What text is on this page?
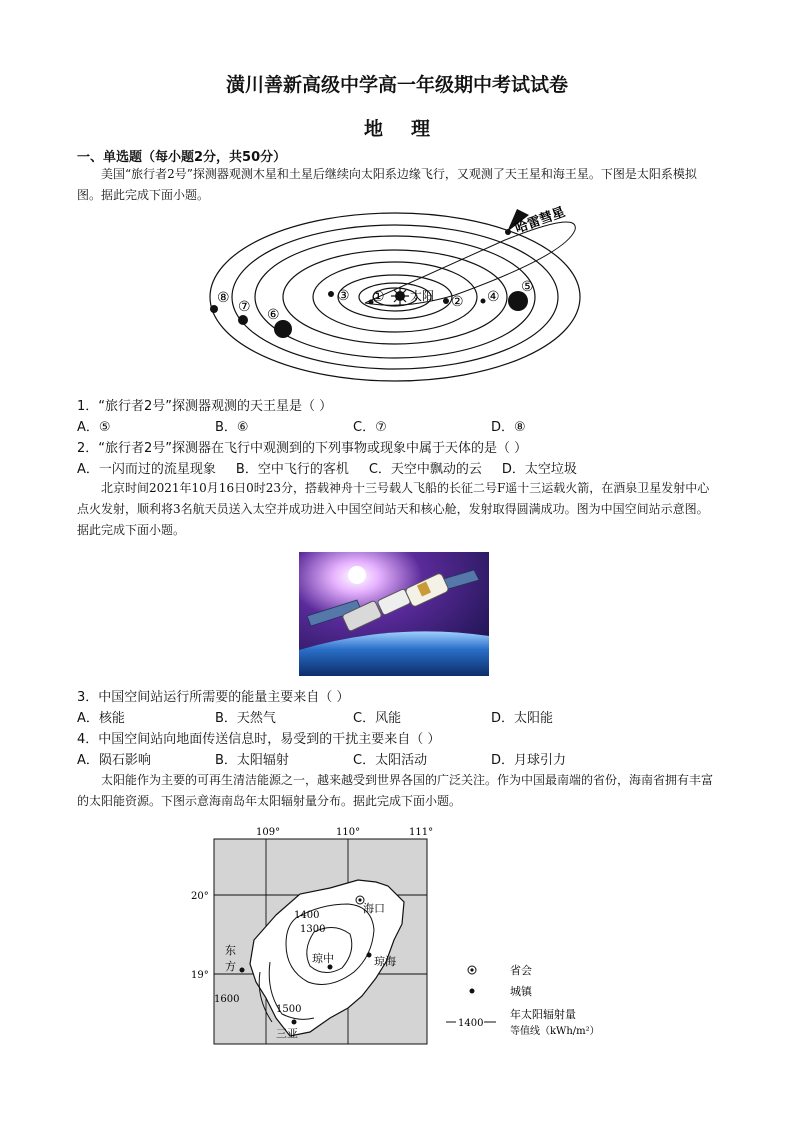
潢川善新高级中学高一年级期中考试试卷
地理
一、单选题（每小题2分，共50分）
美国“旅行者2号”探测器观测木星和土星后继续向太阳系边缘飞行，又观测了天王星和海王星。下图是太阳系模拟图。据此完成下面小题。
太阳
①	②
③	④
⑤
⑥
⑦
⑧
哈雷彗星
1．“旅行者2号”探测器观测的天王星是（ ）
A．⑤	B．⑥	C．⑦	D．⑧
2．“旅行者2号”探测器在飞行中观测到的下列事物或现象中属于天体的是（ ）
A．一闪而过的流星现象 B．空中飞行的客机 C．天空中飘动的云 D．太空垃圾
北京时间2021年10月16日0时23分，搭载神舟十三号载人飞船的长征二号F遥十三运载火箭，在酒泉卫星发射中心点火发射，顺利将3名航天员送入太空并成功进入中国空间站天和核心舱，发射取得圆满成功。图为中国空间站示意图。据此完成下面小题。
3．中国空间站运行所需要的能量主要来自（ ）
A．核能	B．天然气	C．风能	D．太阳能
4．中国空间站向地面传送信息时，易受到的干扰主要来自（ ）
A．陨石影响	B．太阳辐射	C．太阳活动	D．月球引力
太阳能作为主要的可再生清洁能源之一，越来越受到世界各国的广泛关注。作为中国最南端的省份，海南省拥有丰富的太阳能资源。下图示意海南岛年太阳辐射量分布。据此完成下面小题。
109°	110°	111°
20°
19°
1400
1300
1500
1600
海口
琼中	琼海
东
方
三亚
省会
城镇
1400
年太阳辐射量
等值线（kWh/m²）
